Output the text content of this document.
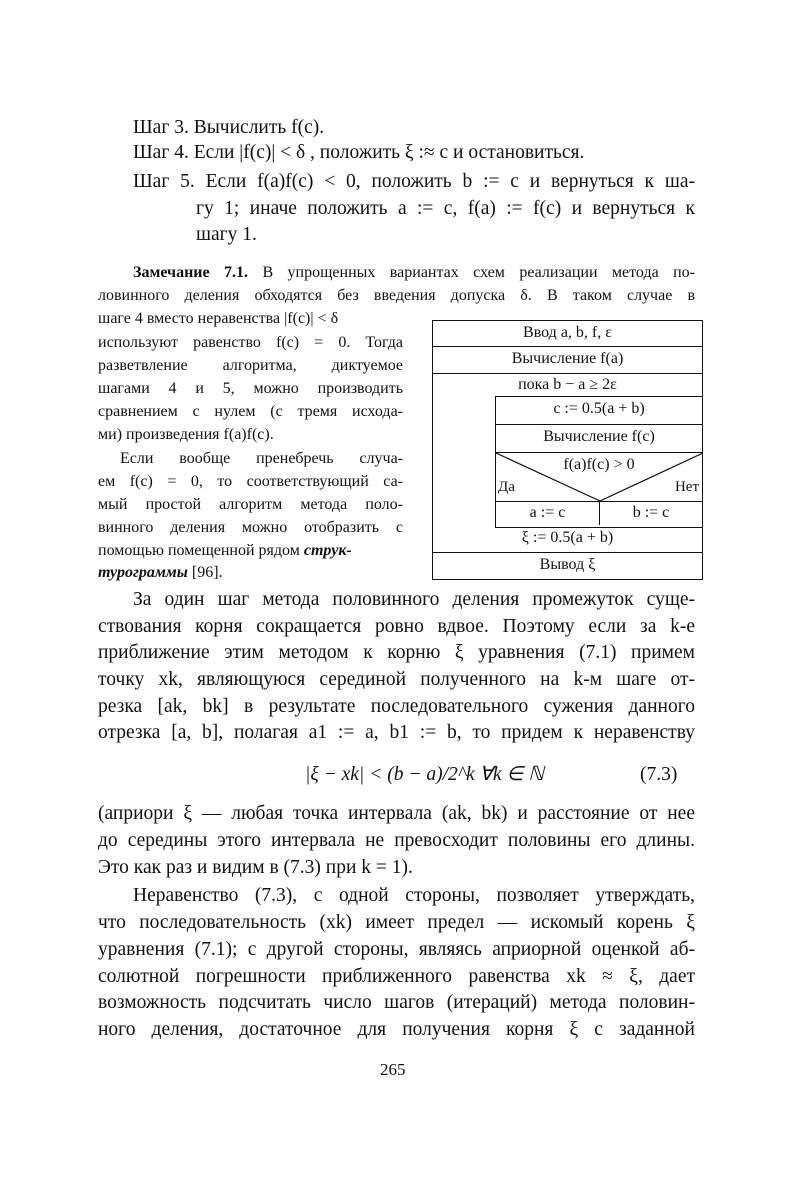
Шаг 3. Вычислить f(c).
Шаг 4. Если |f(c)| < δ , положить ξ :≈ c и остановиться.
Шаг 5. Если f(a)f(c) < 0, положить b := c и вернуться к ша-
гу 1; иначе положить a := c, f(a) := f(c) и вернуться к
шагу 1.
Замечание 7.1. В упрощенных вариантах схем реализации метода по-
ловинного деления обходятся без введения допуска δ. В таком случае в
шаге 4 вместо неравенства |f(c)| < δ
используют равенство f(c) = 0. Тогда
разветвление алгоритма, диктуемое
шагами 4 и 5, можно производить
сравнением с нулем (с тремя исхода-
ми) произведения f(a)f(c).
Если вообще пренебречь случа-
ем f(c) = 0, то соответствующий са-
мый простой алгоритм метода поло-
винного деления можно отобразить с
помощью помещенной рядом струк-
турограммы [96].
Ввод a, b, f, ε
Вычисление f(a)
пока b − a ≥ 2ε
c := 0.5(a + b)
Вычисление f(c)
f(a)f(c) > 0
Да	Нет
a := c	b := c
ξ := 0.5(a + b)
Вывод ξ
За один шаг метода половинного деления промежуток суще-
ствования корня сокращается ровно вдвое. Поэтому если за k-е
приближение этим методом к корню ξ уравнения (7.1) примем
точку xk, являющуюся серединой полученного на k-м шаге от-
резка [ak, bk] в результате последовательного сужения данного
отрезка [a, b], полагая a1 := a, b1 := b, то придем к неравенству
|ξ − xk| < (b − a)/2^k ∀k ∈ ℕ	(7.3)
(априори ξ — любая точка интервала (ak, bk) и расстояние от нее
до середины этого интервала не превосходит половины его длины.
Это как раз и видим в (7.3) при k = 1).
Неравенство (7.3), с одной стороны, позволяет утверждать,
что последовательность (xk) имеет предел — искомый корень ξ
уравнения (7.1); с другой стороны, являясь априорной оценкой аб-
солютной погрешности приближенного равенства xk ≈ ξ, дает
возможность подсчитать число шагов (итераций) метода половин-
ного деления, достаточное для получения корня ξ с заданной
265
